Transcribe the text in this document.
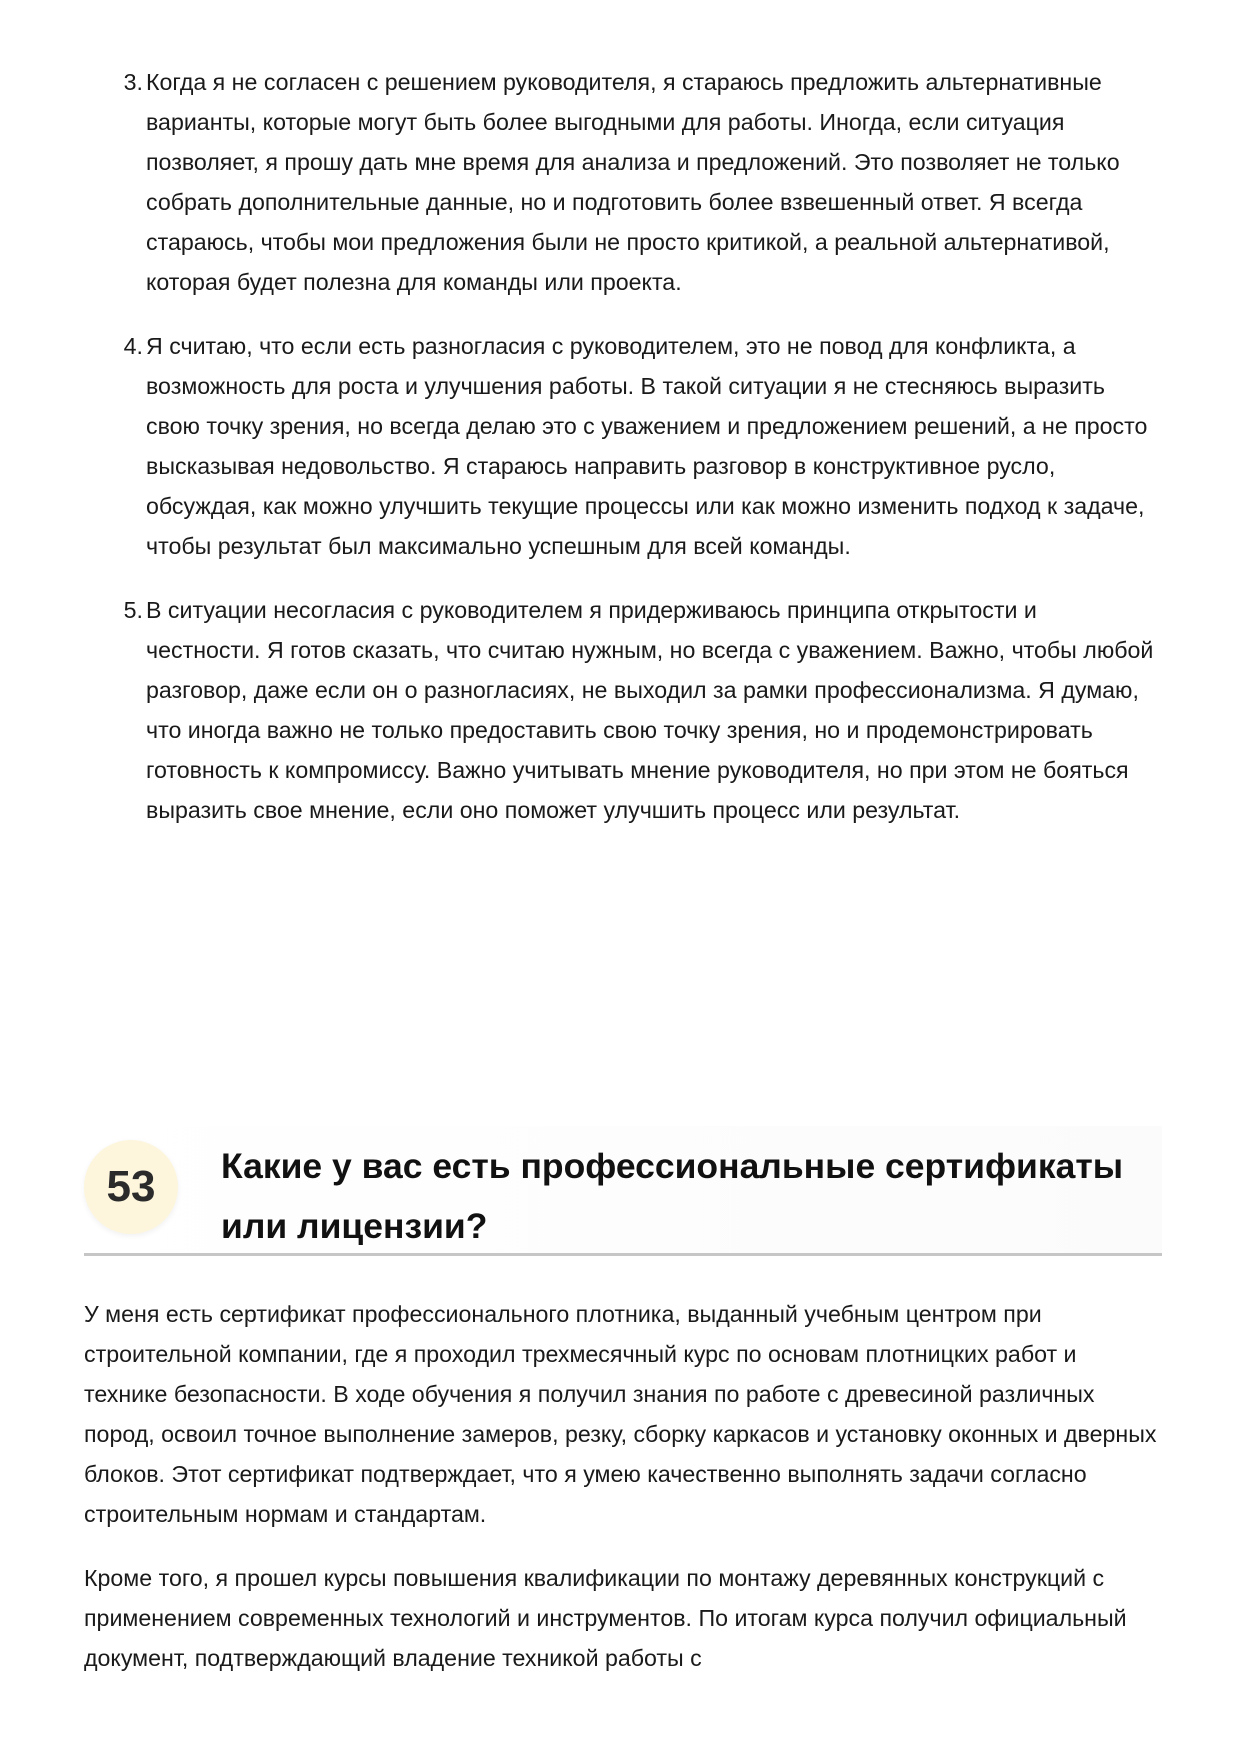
3. Когда я не согласен с решением руководителя, я стараюсь предложить альтернативные варианты, которые могут быть более выгодными для работы. Иногда, если ситуация позволяет, я прошу дать мне время для анализа и предложений. Это позволяет не только собрать дополнительные данные, но и подготовить более взвешенный ответ. Я всегда стараюсь, чтобы мои предложения были не просто критикой, а реальной альтернативой, которая будет полезна для команды или проекта.
4. Я считаю, что если есть разногласия с руководителем, это не повод для конфликта, а возможность для роста и улучшения работы. В такой ситуации я не стесняюсь выразить свою точку зрения, но всегда делаю это с уважением и предложением решений, а не просто высказывая недовольство. Я стараюсь направить разговор в конструктивное русло, обсуждая, как можно улучшить текущие процессы или как можно изменить подход к задаче, чтобы результат был максимально успешным для всей команды.
5. В ситуации несогласия с руководителем я придерживаюсь принципа открытости и честности. Я готов сказать, что считаю нужным, но всегда с уважением. Важно, чтобы любой разговор, даже если он о разногласиях, не выходил за рамки профессионализма. Я думаю, что иногда важно не только предоставить свою точку зрения, но и продемонстрировать готовность к компромиссу. Важно учитывать мнение руководителя, но при этом не бояться выразить свое мнение, если оно поможет улучшить процесс или результат.
53	Какие у вас есть профессиональные сертификаты или лицензии?

У меня есть сертификат профессионального плотника, выданный учебным центром при строительной компании, где я проходил трехмесячный курс по основам плотницких работ и технике безопасности. В ходе обучения я получил знания по работе с древесиной различных пород, освоил точное выполнение замеров, резку, сборку каркасов и установку оконных и дверных блоков. Этот сертификат подтверждает, что я умею качественно выполнять задачи согласно строительным нормам и стандартам.

Кроме того, я прошел курсы повышения квалификации по монтажу деревянных конструкций с применением современных технологий и инструментов. По итогам курса получил официальный документ, подтверждающий владение техникой работы с
